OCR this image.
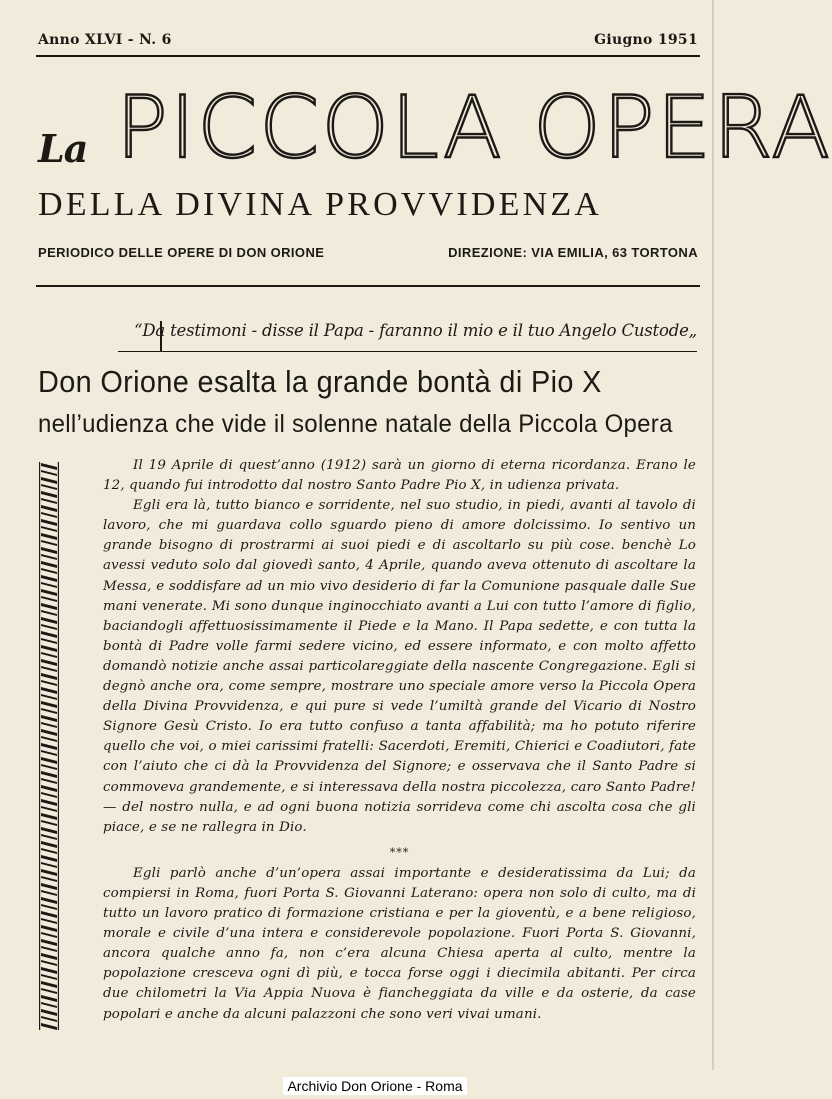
Anno XLVI - N. 6	Giugno 1951
La PICCOLA OPERA
DELLA DIVINA PROVVIDENZA
PERIODICO DELLE OPERE DI DON ORIONE	DIREZIONE: VIA EMILIA, 63 TORTONA
“Da testimoni - disse il Papa - faranno il mio e il tuo Angelo Custode„
Don Orione esalta la grande bontà di Pio X
nell’udienza che vide il solenne natale della Piccola Opera

Il 19 Aprile di quest’anno (1912) sarà un giorno di eterna ricordanza. Erano le 12, quando fui introdotto dal nostro Santo Padre Pio X, in udienza privata.

Egli era là, tutto bianco e sorridente, nel suo studio, in piedi, avanti al tavolo di lavoro, che mi guardava collo sguardo pieno di amore dolcissimo. Io sentivo un grande bisogno di prostrarmi ai suoi piedi e di ascoltarlo su più cose. benchè Lo avessi veduto solo dal giovedì santo, 4 Aprile, quando aveva ottenuto di ascoltare la Messa, e soddisfare ad un mio vivo desiderio di far la Comunione pasquale dalle Sue mani venerate. Mi sono dunque inginocchiato avanti a Lui con tutto l’amore di figlio, baciandogli affettuosissimamente il Piede e la Mano. Il Papa sedette, e con tutta la bontà di Padre volle farmi sedere vicino, ed essere informato, e con molto affetto domandò notizie anche assai particolareggiate della nascente Congregazione. Egli si degnò anche ora, come sempre, mostrare uno speciale amore verso la Piccola Opera della Divina Provvidenza, e qui pure si vede l’umiltà grande del Vicario di Nostro Signore Gesù Cristo. Io era tutto confuso a tanta affabilità; ma ho potuto riferire quello che voi, o miei carissimi fratelli: Sacerdoti, Eremiti, Chierici e Coadiutori, fate con l’aiuto che ci dà la Provvidenza del Signore; e osservava che il Santo Padre si commoveva grandemente, e si interessava della nostra piccolezza, caro Santo Padre! — del nostro nulla, e ad ogni buona notizia sorrideva come chi ascolta cosa che gli piace, e se ne rallegra in Dio.

***

Egli parlò anche d’un’opera assai importante e desideratissima da Lui; da compiersi in Roma, fuori Porta S. Giovanni Laterano: opera non solo di culto, ma di tutto un lavoro pratico di formazione cristiana e per la gioventù, e a bene religioso, morale e civile d’una intera e considerevole popolazione. Fuori Porta S. Giovanni, ancora qualche anno fa, non c’era alcuna Chiesa aperta al culto, mentre la popolazione cresceva ogni dì più, e tocca forse oggi i diecimila abitanti. Per circa due chilometri la Via Appia Nuova è fiancheggiata da ville e da osterie, da case popolari e anche da alcuni palazzoni che sono veri vivai umani.

Archivio Don Orione - Roma
